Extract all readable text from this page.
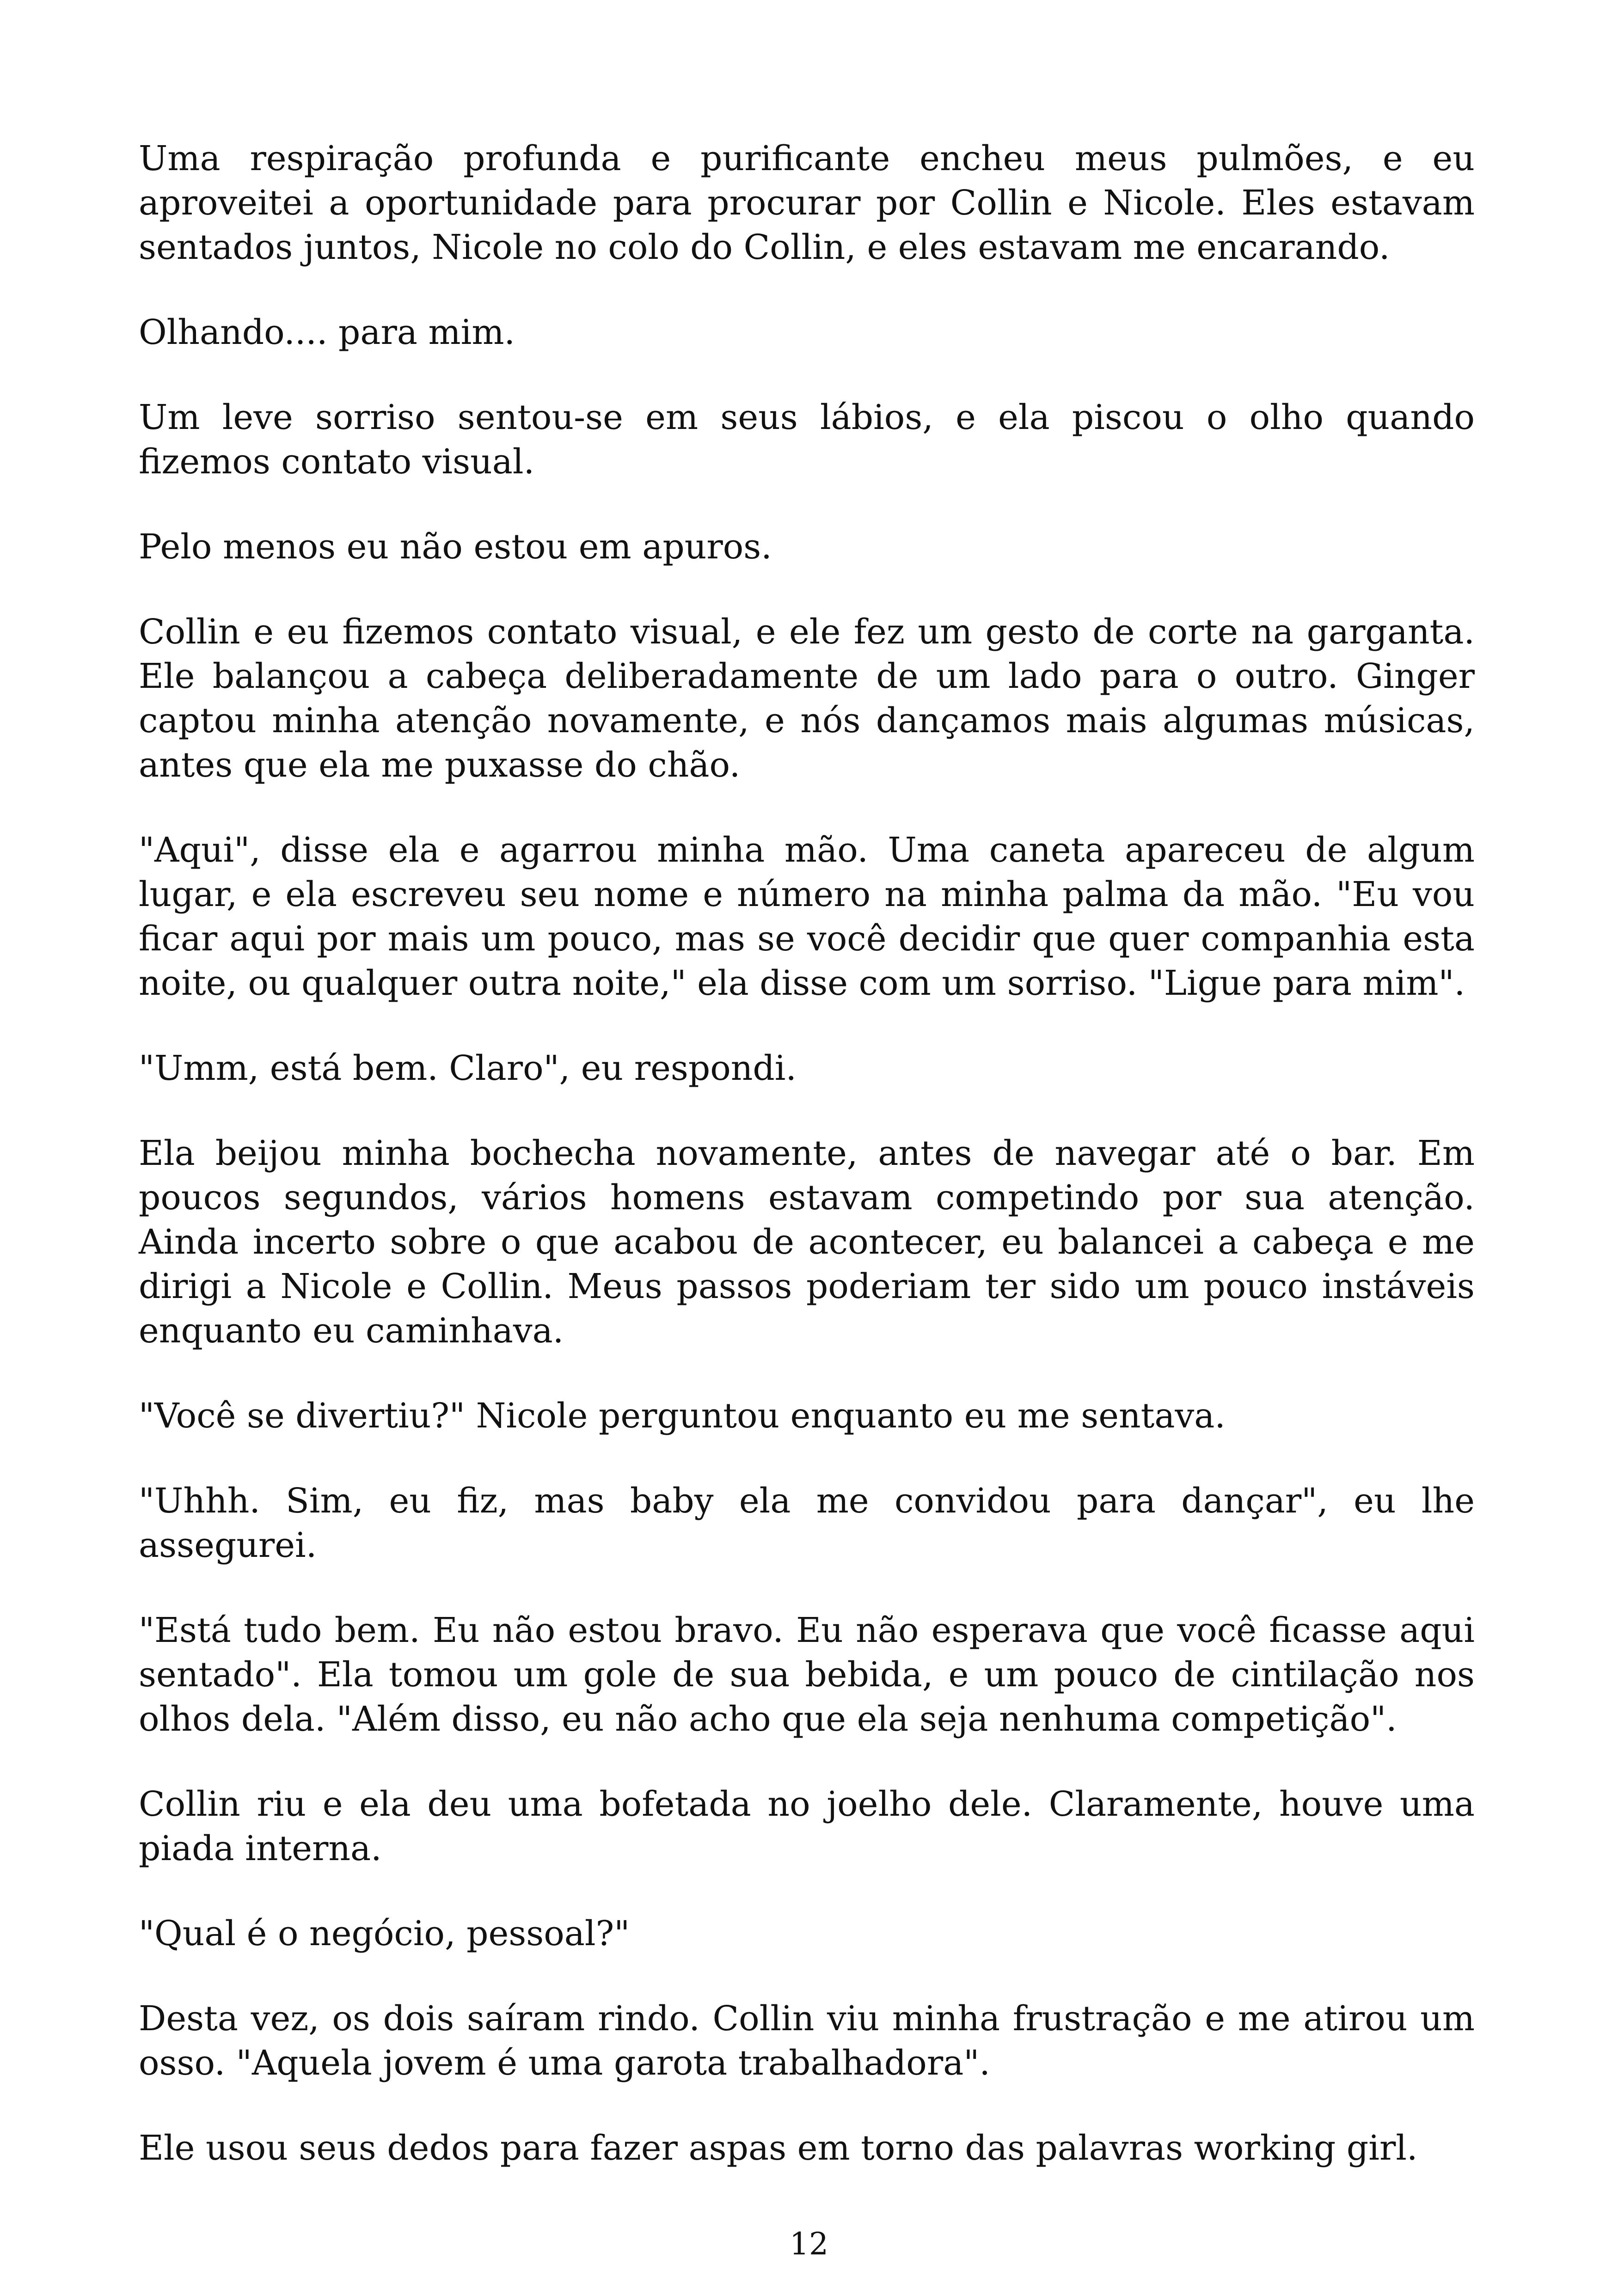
Uma respiração profunda e purificante encheu meus pulmões, e eu aproveitei a oportunidade para procurar por Collin e Nicole. Eles estavam sentados juntos, Nicole no colo do Collin, e eles estavam me encarando.

Olhando.... para mim.

Um leve sorriso sentou-se em seus lábios, e ela piscou o olho quando fizemos contato visual.

Pelo menos eu não estou em apuros.

Collin e eu fizemos contato visual, e ele fez um gesto de corte na garganta. Ele balançou a cabeça deliberadamente de um lado para o outro. Ginger captou minha atenção novamente, e nós dançamos mais algumas músicas, antes que ela me puxasse do chão.

"Aqui", disse ela e agarrou minha mão. Uma caneta apareceu de algum lugar, e ela escreveu seu nome e número na minha palma da mão. "Eu vou ficar aqui por mais um pouco, mas se você decidir que quer companhia esta noite, ou qualquer outra noite," ela disse com um sorriso. "Ligue para mim".

"Umm, está bem. Claro", eu respondi.

Ela beijou minha bochecha novamente, antes de navegar até o bar. Em poucos segundos, vários homens estavam competindo por sua atenção. Ainda incerto sobre o que acabou de acontecer, eu balancei a cabeça e me dirigi a Nicole e Collin. Meus passos poderiam ter sido um pouco instáveis enquanto eu caminhava.

"Você se divertiu?" Nicole perguntou enquanto eu me sentava.

"Uhhh. Sim, eu fiz, mas baby ela me convidou para dançar", eu lhe assegurei.

"Está tudo bem. Eu não estou bravo. Eu não esperava que você ficasse aqui sentado". Ela tomou um gole de sua bebida, e um pouco de cintilação nos olhos dela. "Além disso, eu não acho que ela seja nenhuma competição".

Collin riu e ela deu uma bofetada no joelho dele. Claramente, houve uma piada interna.

"Qual é o negócio, pessoal?"

Desta vez, os dois saíram rindo. Collin viu minha frustração e me atirou um osso. "Aquela jovem é uma garota trabalhadora".

Ele usou seus dedos para fazer aspas em torno das palavras working girl.

12
